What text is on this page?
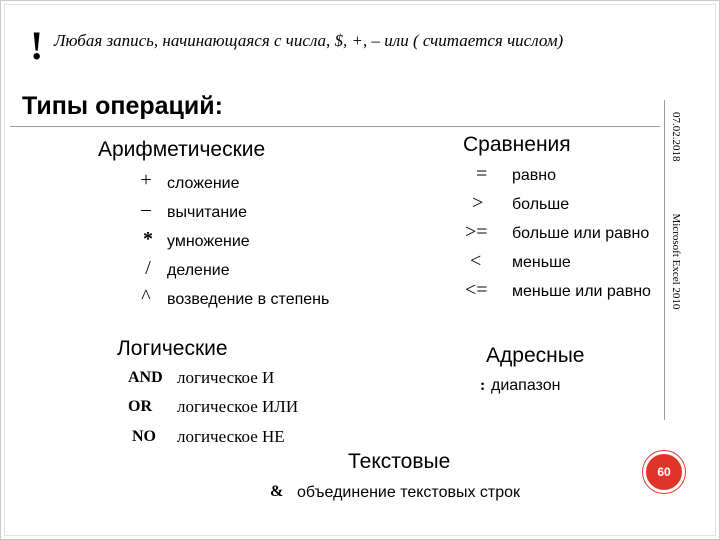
! Любая запись, начинающаяся с числа, $, +, – или ( считается числом)
Типы операций:
07.02.2018Microsoft Excel 2010
Арифметические
+ сложение
–	вычитание
* умножение
/	деление
^	возведение в степень
Сравнения
= равно
> больше
>= больше или равно
< меньше
<= меньше или равно
Логические
AND логическое И
OR логическое ИЛИ
NO логическое НЕ
Адресные
: диапазон
Текстовые
& объединение текстовых строк
60
